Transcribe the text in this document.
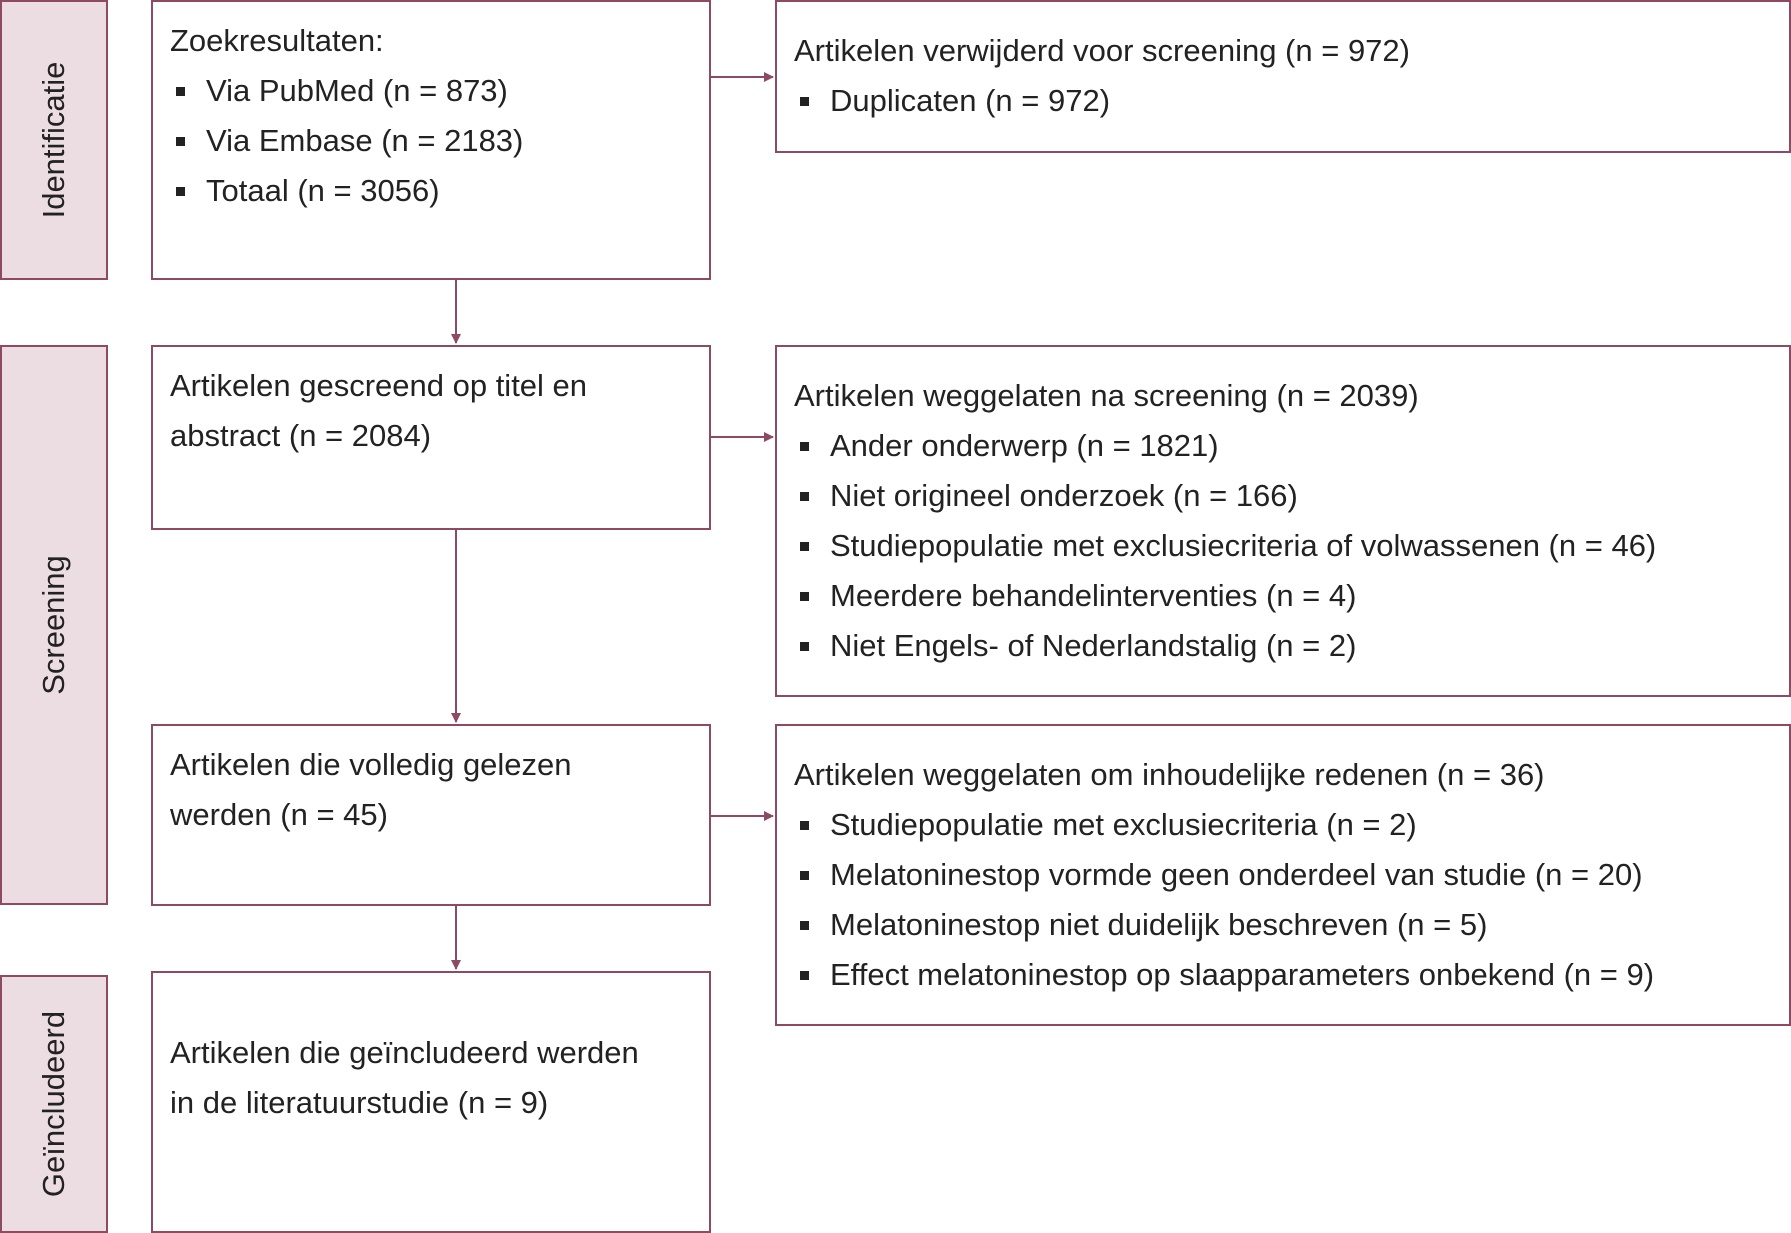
Identificatie
Screening
Geïncludeerd
Zoekresultaten:
Via PubMed (n = 873)
Via Embase (n = 2183)
Totaal (n = 3056)
Artikelen gescreend op titel en
abstract (n = 2084)
Artikelen die volledig gelezen
werden (n = 45)
Artikelen die geïncludeerd werden
in de literatuurstudie (n = 9)
Artikelen verwijderd voor screening (n = 972)
Duplicaten (n = 972)
Artikelen weggelaten na screening (n = 2039)
Ander onderwerp (n = 1821)
Niet origineel onderzoek (n = 166)
Studiepopulatie met exclusiecriteria of volwassenen (n = 46)
Meerdere behandelinterventies (n = 4)
Niet Engels- of Nederlandstalig (n = 2)
Artikelen weggelaten om inhoudelijke redenen (n = 36)
Studiepopulatie met exclusiecriteria (n = 2)
Melatoninestop vormde geen onderdeel van studie (n = 20)
Melatoninestop niet duidelijk beschreven (n = 5)
Effect melatoninestop op slaapparameters onbekend (n = 9)
